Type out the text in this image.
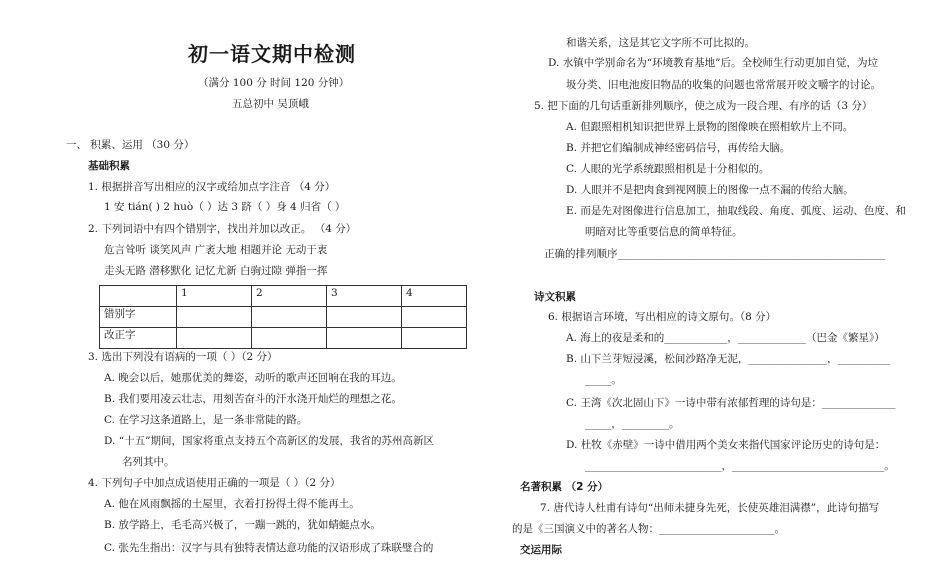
初一语文期中检测
（满分 100 分 时间 120 分钟）
五总初中 吴顶峨
一、 积累、运用 （30 分）
基础积累
1. 根据拼音写出相应的汉字或给加点字注音 （4 分）
1 安 tián( ) 2 huò（ ）达 3 跻（ ）身 4 归省（ ）
2. 下列词语中有四个错别字，找出并加以改正。 （4 分）
危言耸听 谈笑风声 广袤大地 相题并论 无动于衷
走头无路 潜移默化 记忆尤新 白驹过隙 弹指一挥
	1	2	3	4
错别字				
改正字				
3. 选出下列没有语病的一项（ ）（2 分）
A. 晚会以后，她那优美的舞姿，动听的歌声还回响在我的耳边。
B. 我们要用凌云壮志，用刻苦奋斗的汗水浇开灿烂的理想之花。
C. 在学习这条道路上，是一条非常陡的路。
D. “十五”期间，国家将重点支持五个高新区的发展，我省的苏州高新区
名列其中。
4. 下列句子中加点成语使用正确的一项是（ ）（2 分）
A. 他在风雨飘摇的土屋里，衣着打扮得土得不能再土。
B. 放学路上，毛毛高兴极了，一蹦一跳的，犹如蜻蜓点水。
C. 张先生指出：汉字与具有独特表情达意功能的汉语形成了珠联璧合的
和谐关系，这是其它文字所不可比拟的。
D. 水镇中学别命名为“环境教育基地”后。全校师生行动更加自觉，为垃
圾分类、旧电池废旧物品的收集的问题也常常展开咬文嚼字的讨论。
5. 把下面的几句话重新排列顺序，使之成为一段合理、有序的话（3 分）
A. 但跟照相机知识把世界上景物的图像映在照相软片上不同。
B. 并把它们编制成神经密码信号，再传给大脑。
C. 人眼的光学系统跟照相机是十分相似的。
D. 人眼并不是把肉食到视网膜上的图像一点不漏的传给大脑。
E. 而是先对图像进行信息加工，抽取线段、角度、弧度、运动、色度、和
明暗对比等重要信息的简单特征。
正确的排列顺序___________________________________________________
诗文积累
6. 根据语言环境，写出相应的诗文原句。（8 分）
A. 海上的夜是柔和的____________，_____________（巴金《繁星》）
B. 山下兰芽短浸溪，松间沙路净无泥，_______________，__________
_____。
C. 王湾《次北固山下》一诗中带有浓郁哲理的诗句是：______________
_____，_________。
D. 杜牧《赤壁》一诗中借用两个美女来指代国家评论历史的诗句是：
__________________________，_____________________________。
名著积累 （2 分）
7. 唐代诗人杜甫有诗句“出师未捷身先死，长使英雄泪满襟”，此诗句描写
的是《三国演义中的著名人物：______________________。
交运用际
